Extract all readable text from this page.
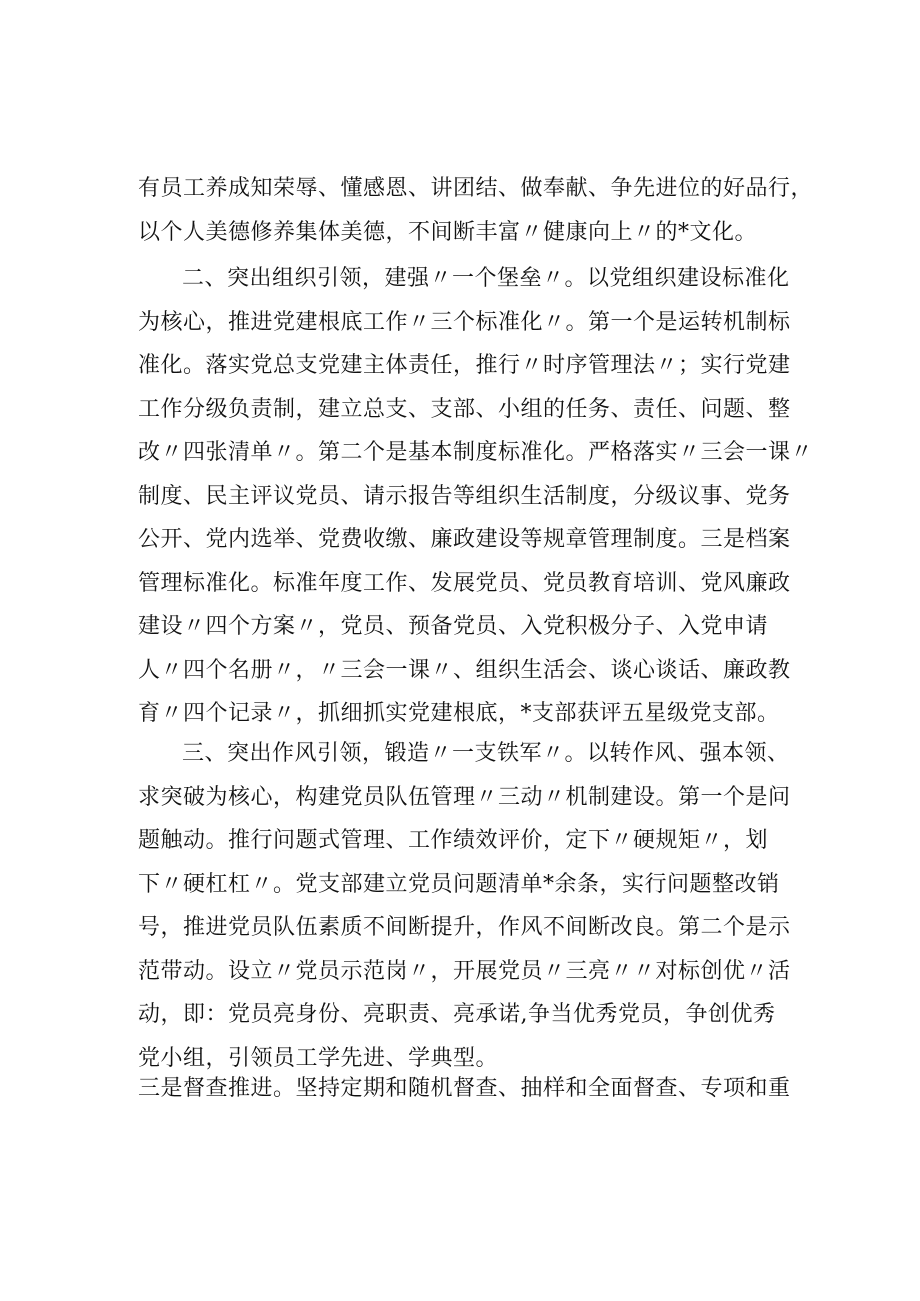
有员工养成知荣辱、懂感恩、讲团结、做奉献、争先进位的好品行，
以个人美德修养集体美德，不间断丰富〃健康向上〃的*文化。
二、突出组织引领，建强〃一个堡垒〃。以党组织建设标准化
为核心，推进党建根底工作〃三个标准化〃。第一个是运转机制标
准化。落实党总支党建主体责任，推行〃时序管理法〃；实行党建
工作分级负责制，建立总支、支部、小组的任务、责任、问题、整
改〃四张清单〃。第二个是基本制度标准化。严格落实〃三会一课〃
制度、民主评议党员、请示报告等组织生活制度，分级议事、党务
公开、党内选举、党费收缴、廉政建设等规章管理制度。三是档案
管理标准化。标准年度工作、发展党员、党员教育培训、党风廉政
建设〃四个方案〃，党员、预备党员、入党积极分子、入党申请
人〃四个名册〃，〃三会一课〃、组织生活会、谈心谈话、廉政教
育〃四个记录〃，抓细抓实党建根底，*支部获评五星级党支部。
三、突出作风引领，锻造〃一支铁军〃。以转作风、强本领、
求突破为核心，构建党员队伍管理〃三动〃机制建设。第一个是问
题触动。推行问题式管理、工作绩效评价，定下〃硬规矩〃，划
下〃硬杠杠〃。党支部建立党员问题清单*余条，实行问题整改销
号，推进党员队伍素质不间断提升，作风不间断改良。第二个是示
范带动。设立〃党员示范岗〃，开展党员〃三亮〃〃对标创优〃活
动，即：党员亮身份、亮职责、亮承诺,争当优秀党员，争创优秀
党小组，引领员工学先进、学典型。
三是督查推进。坚持定期和随机督查、抽样和全面督查、专项和重
